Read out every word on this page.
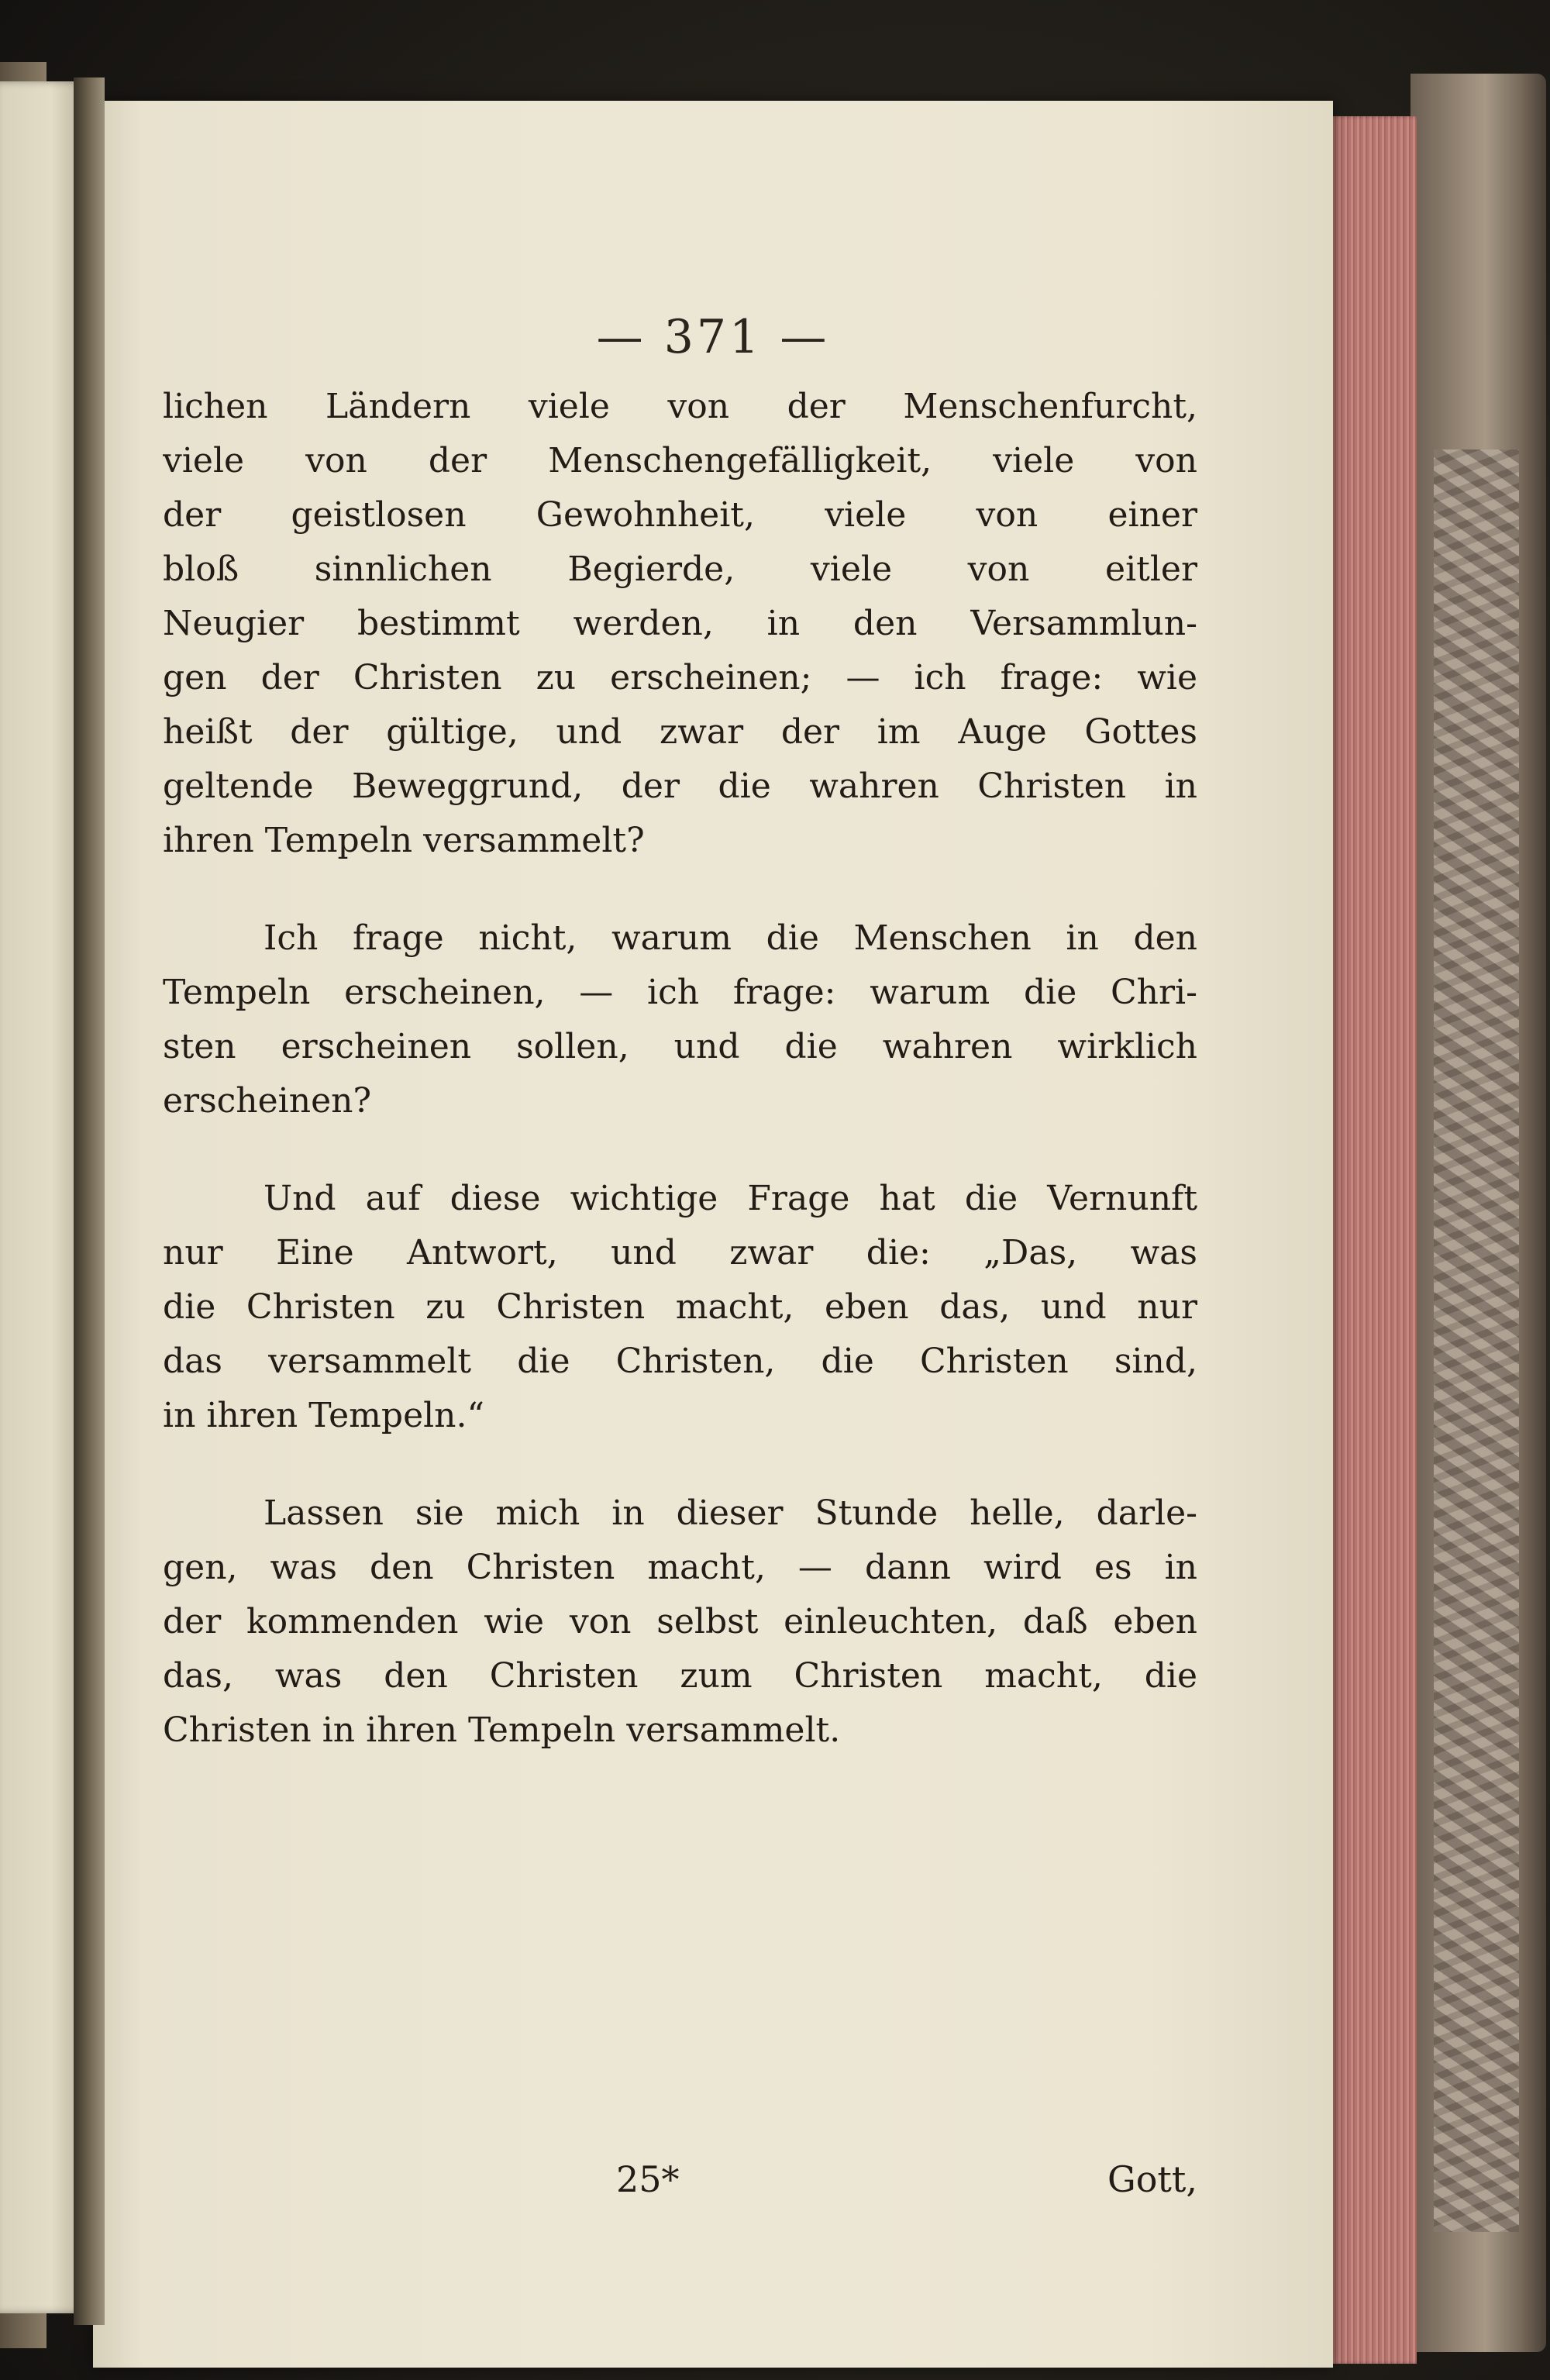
— 371 —
lichen Ländern viele von der Menschenfurcht,
viele von der Menschengefälligkeit, viele von
der geistlosen Gewohnheit, viele von einer
bloß sinnlichen Begierde, viele von eitler
Neugier bestimmt werden, in den Versammlun-
gen der Christen zu erscheinen; — ich frage: wie
heißt der gültige, und zwar der im Auge Gottes
geltende Beweggrund, der die wahren Christen in
ihren Tempeln versammelt?
Ich frage nicht, warum die Menschen in den
Tempeln erscheinen, — ich frage: warum die Chri-
sten erscheinen sollen, und die wahren wirklich
erscheinen?
Und auf diese wichtige Frage hat die Vernunft
nur Eine Antwort, und zwar die: „Das, was
die Christen zu Christen macht, eben das, und nur
das versammelt die Christen, die Christen sind,
in ihren Tempeln.“
Lassen sie mich in dieser Stunde helle, darle-
gen, was den Christen macht, — dann wird es in
der kommenden wie von selbst einleuchten, daß eben
das, was den Christen zum Christen macht, die
Christen in ihren Tempeln versammelt.
25*	Gott,
